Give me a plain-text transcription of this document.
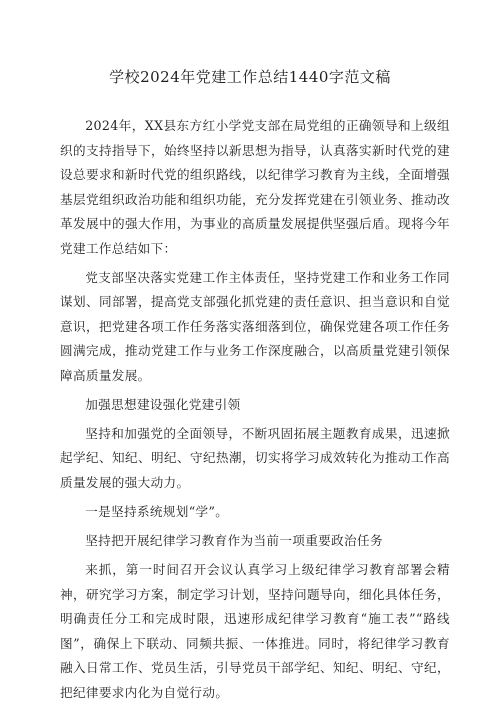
学校2024年党建工作总结1440字范文稿

2024年，XX县东方红小学党支部在局党组的正确领导和上级组织的支持指导下，始终坚持以新思想为指导，认真落实新时代党的建设总要求和新时代党的组织路线，以纪律学习教育为主线，全面增强基层党组织政治功能和组织功能，充分发挥党建在引领业务、推动改革发展中的强大作用，为事业的高质量发展提供坚强后盾。现将今年党建工作总结如下：

党支部坚决落实党建工作主体责任，坚持党建工作和业务工作同谋划、同部署，提高党支部强化抓党建的责任意识、担当意识和自觉意识，把党建各项工作任务落实落细落到位，确保党建各项工作任务圆满完成，推动党建工作与业务工作深度融合，以高质量党建引领保障高质量发展。

加强思想建设强化党建引领

坚持和加强党的全面领导，不断巩固拓展主题教育成果，迅速掀起学纪、知纪、明纪、守纪热潮，切实将学习成效转化为推动工作高质量发展的强大动力。

一是坚持系统规划“学”。

坚持把开展纪律学习教育作为当前一项重要政治任务

来抓，第一时间召开会议认真学习上级纪律学习教育部署会精神，研究学习方案，制定学习计划，坚持问题导向，细化具体任务，明确责任分工和完成时限，迅速形成纪律学习教育“施工表”“路线图”，确保上下联动、同频共振、一体推进。同时，将纪律学习教育融入日常工作、党员生活，引导党员干部学纪、知纪、明纪、守纪，把纪律要求内化为自觉行动。
